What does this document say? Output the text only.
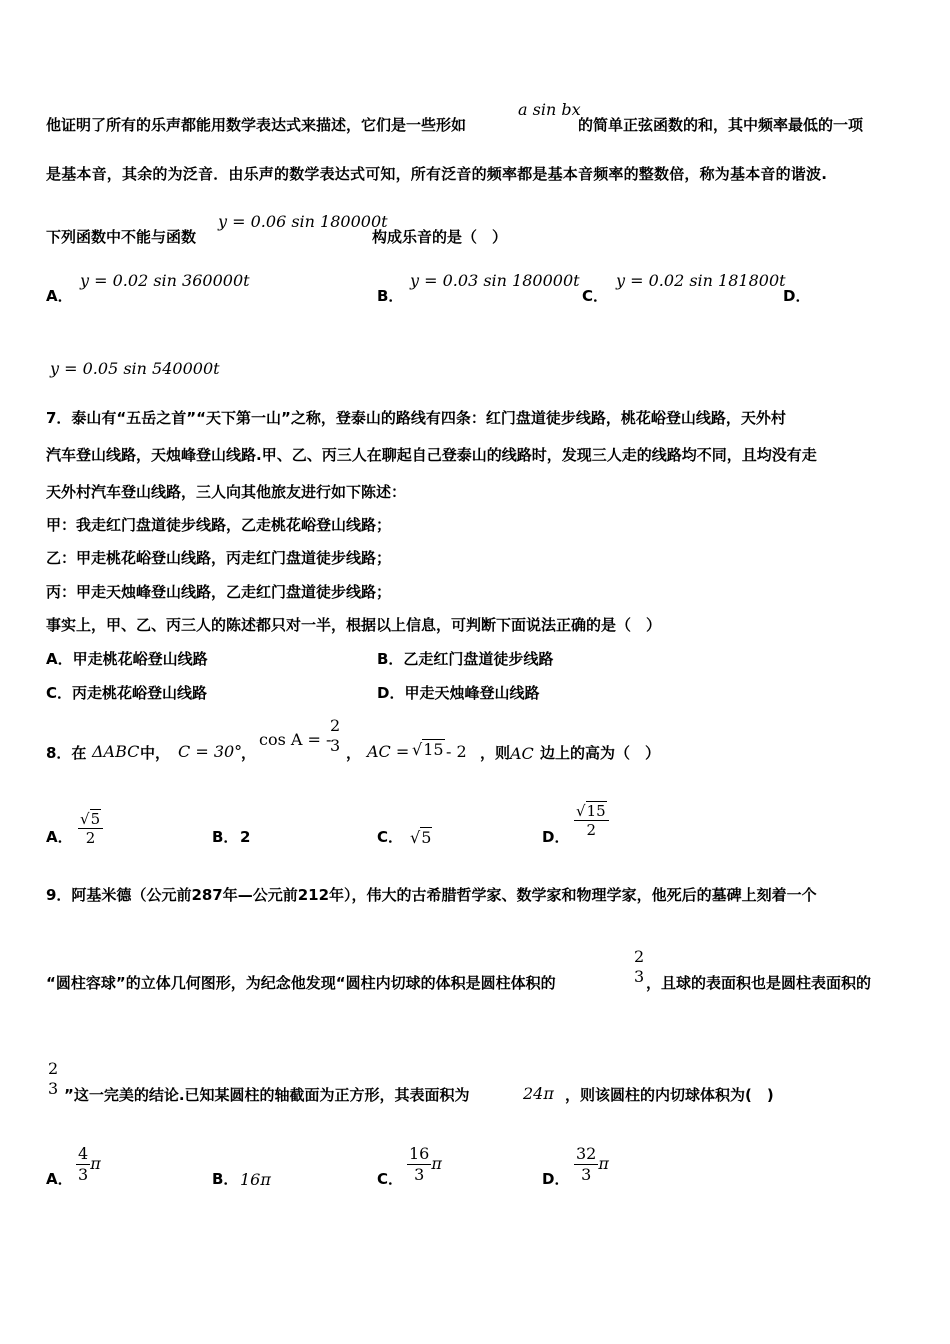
他证明了所有的乐声都能用数学表达式来描述，它们是一些形如
a sin bx
的简单正弦函数的和，其中频率最低的一项
是基本音，其余的为泛音．由乐声的数学表达式可知，所有泛音的频率都是基本音频率的整数倍，称为基本音的谐波.
下列函数中不能与函数
y = 0.06 sin 180000t
构成乐音的是（　）
A．
y = 0.02 sin 360000t
B．
y = 0.03 sin 180000t
C．
y = 0.02 sin 181800t
D．
y = 0.05 sin 540000t
7．泰山有“五岳之首”“天下第一山”之称，登泰山的路线有四条：红门盘道徒步线路，桃花峪登山线路，天外村
汽车登山线路，天烛峰登山线路.甲、乙、丙三人在聊起自己登泰山的线路时，发现三人走的线路均不同，且均没有走
天外村汽车登山线路，三人向其他旅友进行如下陈述：
甲：我走红门盘道徒步线路，乙走桃花峪登山线路；
乙：甲走桃花峪登山线路，丙走红门盘道徒步线路；
丙：甲走天烛峰登山线路，乙走红门盘道徒步线路；
事实上，甲、乙、丙三人的陈述都只对一半，根据以上信息，可判断下面说法正确的是（　）
A．甲走桃花峪登山线路	B．乙走红门盘道徒步线路
C．丙走桃花峪登山线路	D．甲走天烛峰登山线路
8．在 ΔABC 中， C = 30°
，
cos A = -
2
3 ， AC = √15 - 2 ，则 AC 边上的高为（　）
A． $\frac{√5}{2}$	B． 2	C． √5	D． $\frac{√15}{2}$
9．阿基米德（公元前287年—公元前212年），伟大的古希腊哲学家、数学家和物理学家，他死后的墓碑上刻着一个
“圆柱容球”的立体几何图形，为纪念他发现“圆柱内切球的体积是圆柱体积的
2
3 ，且球的表面积也是圆柱表面积的
2
3 ”这一完美的结论.已知某圆柱的轴截面为正方形，其表面积为	24π ，则该圆柱的内切球体积为(　)
A． $\frac{4}{3}$ π
B． 16π	C． $\frac{16}{3}$ π
D． $\frac{32}{3}$ π
